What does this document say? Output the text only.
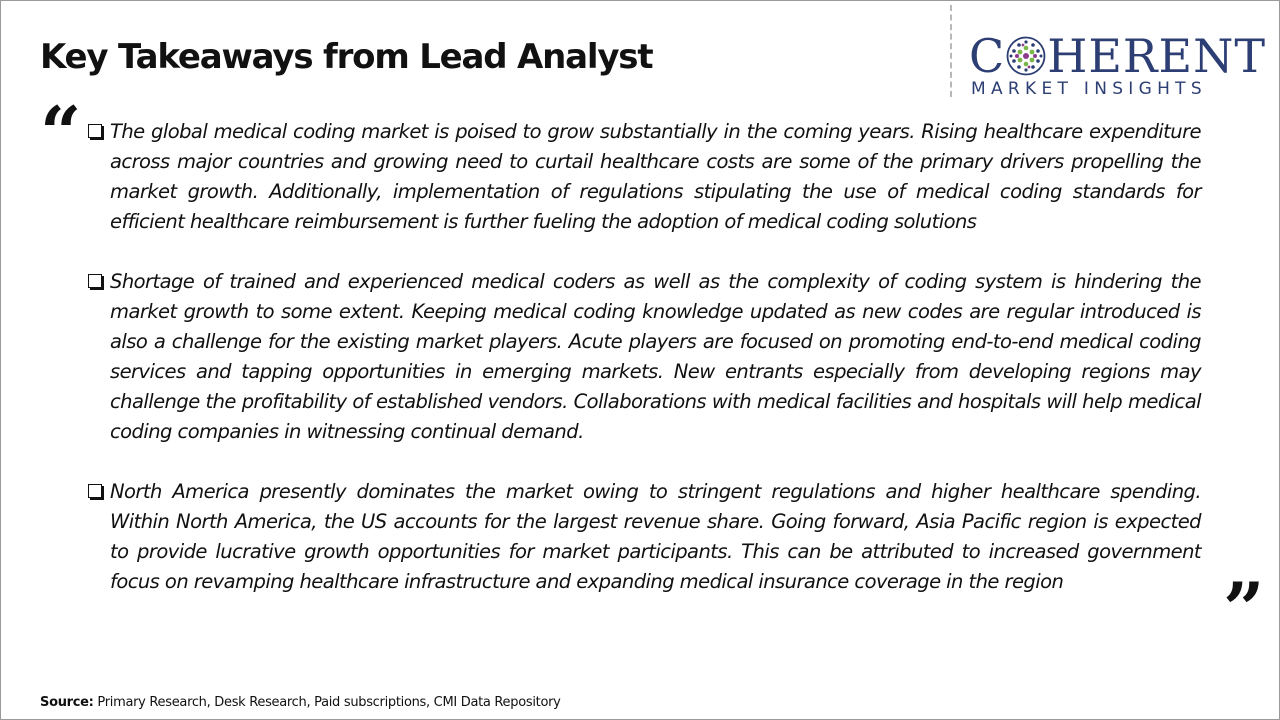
Key Takeaways from Lead Analyst	C HERENT
MARKET INSIGHTS
“ The global medical coding market is poised to grow substantially in the coming years. Rising healthcare expenditure across major countries and growing need to curtail healthcare costs are some of the primary drivers propelling the market growth. Additionally, implementation of regulations stipulating the use of medical coding standards for efficient healthcare reimbursement is further fueling the adoption of medical coding solutions
Shortage of trained and experienced medical coders as well as the complexity of coding system is hindering the market growth to some extent. Keeping medical coding knowledge updated as new codes are regular introduced is also a challenge for the existing market players. Acute players are focused on promoting end-to-end medical coding services and tapping opportunities in emerging markets. New entrants especially from developing regions may challenge the profitability of established vendors. Collaborations with medical facilities and hospitals will help medical coding companies in witnessing continual demand.
North America presently dominates the market owing to stringent regulations and higher healthcare spending. Within North America, the US accounts for the largest revenue share. Going forward, Asia Pacific region is expected to provide lucrative growth opportunities for market participants. This can be attributed to increased government focus on revamping healthcare infrastructure and expanding medical insurance coverage in the region	”
Source: Primary Research, Desk Research, Paid subscriptions, CMI Data Repository
